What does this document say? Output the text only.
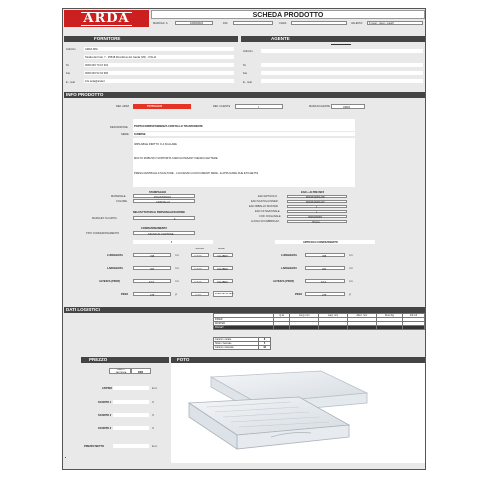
ARDA	SCHEDA PRODOTTO
MAROGA: 6.	16/03/2024	DIA:	CARA:	VALIDITA': 6 mesi - mesi - mesi6
FORNITORE
Indirizzo	ARDA SPA
Strada dei Frati, 7 - 35548 Roncilione del Garda (VR) - ITALIA
Tel	0039 045 70 10 391
Fax	0039 045 53 02 966
E - mail	info.arda@arda.it
AGENTE
Indirizzo
Tel
Fax
E - mail
INFO PRODOTTO
REF. ARDA	TR755LGCR	REF. CLIENTE	0	MARCA/CLIENTE	ARDA
DESCRIZIONE PORTACORRISPONDENZA CRISTALLO TRASPARENTE
SERIE SUNRISE
IMPILABILE DIRITTO O A SCALARE
MOLTO ROBUSTO SOPPORTA CARICHI PESANTI SENZA FLETTERE
PRESA CENTRALE A'SCALTURE - L'ACCESSO AI DOCUMENTI SEDE - E APPLICARE DUE ETICHETTE
STAMPAGGIO
MATERIALE	POLISTIROLO
COLORE	CRISTALLO
NELUSYTATURA E PERSONALIZZAZIONE
MARCHIO SU ARTIC.	F
CONFEZIONAMENTO
TIPO CONFEZIONAMENTO	SFUSO IN CARTONE
EAN + ALTRE INFZ
EAN ARTICOLO	8003444001206
EAN SCATOLA INNER	8003444001207
EAN IMBALLO MASTER	0
EAN CF.NAZIONALE	0
COD. DOGANALE	3926100000
LUOGO DI FABBRICAZ.	ITALIA
0	ARTICOLO CONFEZIONATO
Tolleranza	Metodo
LUNGHEZZA	338	mm	+/- 0,5%	CALIBRO	LUNGHEZZA	338	mm
LARGHEZZA	260	mm	+/- 0,5%	CALIBRO	LARGHEZZA	260	mm
ALTEZZA (PROF)	67,0	mm	+/- 0,5%	CALIBRO	ALTEZZA (PROF)	67,0	mm
PESO	275	gr	+/- 3%	BILANCIA DIGITALE	PESO	275	gr
DATI LOGISTICI
	Q.ta	Lung. mm	Larg. mm	Altez. mm	Peso Kg	Vol.m3
INNER						
MASTER						
PALLET						
Cartoni x strato	8
Strati x bancale	5
Cartoni x bancale	40
PREZZO
FRANCO PARTENZA	DDP
LISTINO	Euro
SCONTO 1	%
SCONTO 2	%
SCONTO 3	%
PREZZO NETTO	Euro
FOTO
